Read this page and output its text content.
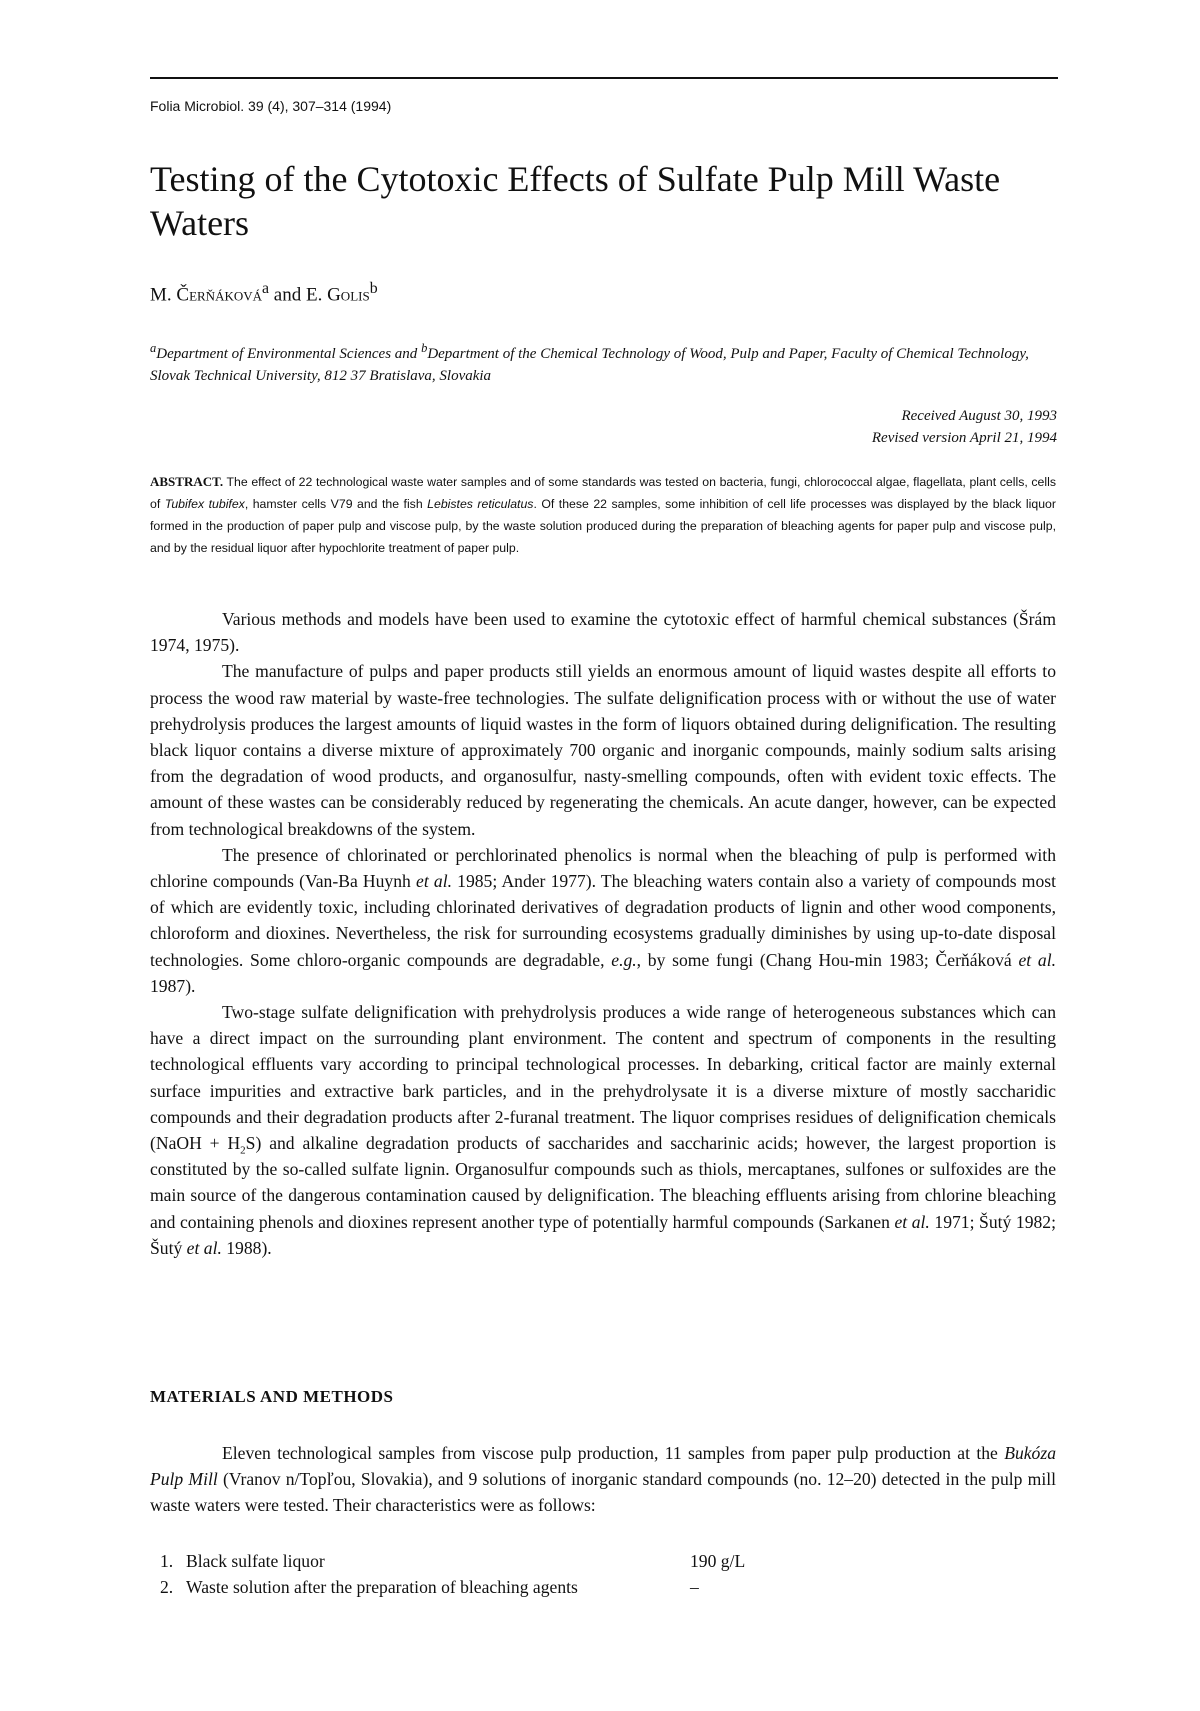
Folia Microbiol. 39 (4), 307–314 (1994)
Testing of the Cytotoxic Effects of Sulfate Pulp Mill Waste Waters
M. Čerňáková$^a$ and E. Golis$^b$
$^a$Department of Environmental Sciences and $^b$Department of the Chemical Technology of Wood, Pulp and Paper, Faculty of Chemical Technology, Slovak Technical University, 812 37 Bratislava, Slovakia
Received August 30, 1993
Revised version April 21, 1994

ABSTRACT. The effect of 22 technological waste water samples and of some standards was tested on bacteria, fungi, chlorococcal algae, flagellata, plant cells, cells of Tubifex tubifex, hamster cells V79 and the fish Lebistes reticulatus. Of these 22 samples, some inhibition of cell life processes was displayed by the black liquor formed in the production of paper pulp and viscose pulp, by the waste solution produced during the preparation of bleaching agents for paper pulp and viscose pulp, and by the residual liquor after hypochlorite treatment of paper pulp.

Various methods and models have been used to examine the cytotoxic effect of harmful chemical substances (Šrám 1974, 1975).

The manufacture of pulps and paper products still yields an enormous amount of liquid wastes despite all efforts to process the wood raw material by waste-free technologies. The sulfate delignification process with or without the use of water prehydrolysis produces the largest amounts of liquid wastes in the form of liquors obtained during delignification. The resulting black liquor contains a diverse mixture of approximately 700 organic and inorganic compounds, mainly sodium salts arising from the degradation of wood products, and organosulfur, nasty-smelling compounds, often with evident toxic effects. The amount of these wastes can be considerably reduced by regenerating the chemicals. An acute danger, however, can be expected from technological breakdowns of the system.

The presence of chlorinated or perchlorinated phenolics is normal when the bleaching of pulp is performed with chlorine compounds (Van-Ba Huynh et al. 1985; Ander 1977). The bleaching waters contain also a variety of compounds most of which are evidently toxic, including chlorinated derivatives of degradation products of lignin and other wood components, chloroform and dioxines. Nevertheless, the risk for surrounding ecosystems gradually diminishes by using up-to-date disposal technologies. Some chloro-organic compounds are degradable, e.g., by some fungi (Chang Hou-min 1983; Čerňáková et al. 1987).

Two-stage sulfate delignification with prehydrolysis produces a wide range of heterogeneous substances which can have a direct impact on the surrounding plant environment. The content and spectrum of components in the resulting technological effluents vary according to principal technological processes. In debarking, critical factor are mainly external surface impurities and extractive bark particles, and in the prehydrolysate it is a diverse mixture of mostly saccharidic compounds and their degradation products after 2-furanal treatment. The liquor comprises residues of delignification chemicals (NaOH + $H_2S$) and alkaline degradation products of saccharides and saccharinic acids; however, the largest proportion is constituted by the so-called sulfate lignin. Organosulfur compounds such as thiols, mercaptanes, sulfones or sulfoxides are the main source of the dangerous contamination caused by delignification. The bleaching effluents arising from chlorine bleaching and containing phenols and dioxines represent another type of potentially harmful compounds (Sarkanen et al. 1971; Šutý 1982; Šutý et al. 1988).

MATERIALS AND METHODS

Eleven technological samples from viscose pulp production, 11 samples from paper pulp production at the Bukóza Pulp Mill (Vranov n/Topľou, Slovakia), and 9 solutions of inorganic standard compounds (no. 12–20) detected in the pulp mill waste waters were tested. Their characteristics were as follows:

1. Black sulfate liquor	190 g/L
2. Waste solution after the preparation of bleaching agents	–
